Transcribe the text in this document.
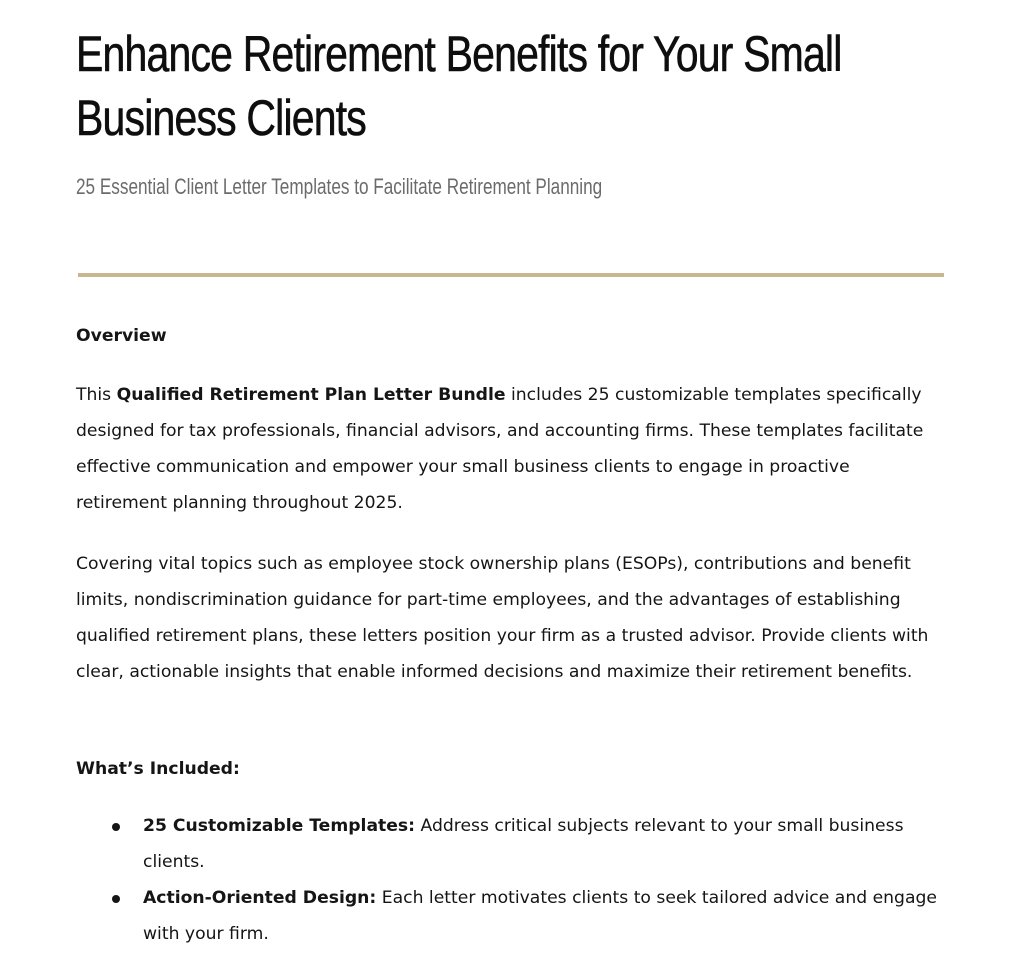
Enhance Retirement Benefits for Your Small Business Clients

25 Essential Client Letter Templates to Facilitate Retirement Planning

Overview

This Qualified Retirement Plan Letter Bundle includes 25 customizable templates specifically designed for tax professionals, financial advisors, and accounting firms. These templates facilitate effective communication and empower your small business clients to engage in proactive retirement planning throughout 2025.

Covering vital topics such as employee stock ownership plans (ESOPs), contributions and benefit limits, nondiscrimination guidance for part-time employees, and the advantages of establishing qualified retirement plans, these letters position your firm as a trusted advisor. Provide clients with clear, actionable insights that enable informed decisions and maximize their retirement benefits.

What’s Included:
25 Customizable Templates: Address critical subjects relevant to your small business clients.
Action-Oriented Design: Each letter motivates clients to seek tailored advice and engage with your firm.
